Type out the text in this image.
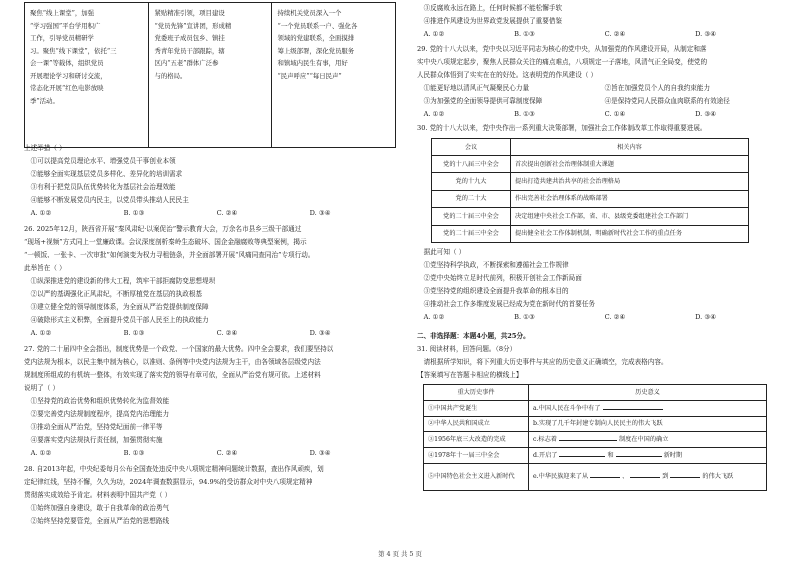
聚焦“线上课堂”，加强

“学习强国”平台学用积广

工作，引导党员精研学

习。聚焦“线下课堂”，依托“三

会一课”等载体，组织党员

开展理论学习和研讨交流，

常态化开展“红色电影放映

季”活动。

紧贴精准引领，项目建设

“党员先锋”宣讲团，形成精

党委班子成员包乡、镇挂

秀青年党员干部跟踪，辖

区内“五老”群体广泛参

与的格局。

持续机关党员深入一个

“一个党员联系一户、强化各

领域的党建联系，全面摸排

筹上级部署，深化党员服务

和镇域内民生有事，用好

“民声呼应”“每日民声”

上述举措（ ）

①可以提高党员理论水平、增强党员干事创业本领

②能够全面实现基层党员多样化、差异化的培训需求

③有利于把党员队伍优势转化为基层社会治理效能

④能够不断发展党员内民主，以党员带头推动人民民主

A. ①②	B. ①③	C. ②④	D. ③④

26. 2025年12月，陕西省开展“秦风肃纪·以案促治”警示教育大会，万余名市县乡三级干部通过

“现场+视频”方式同上一堂廉政课。会议深度剖析秦岭生态破坏、国企金融腐败等典型案例，揭示

“一顿饭、一张卡、一次审批”如何演变为权力寻租链条，并全面部署开展“风痛同查同治”专项行动。

此举旨在（ ）

①纵深推进党的建设新的伟大工程，筑牢干部拒腐防变思想堤坝

②以严的基调强化正风肃纪，不断厚植党在基层的执政根基

③建立健全党的领导制度体系，为全面从严治党提供制度保障

④破除形式主义积弊，全面提升党员干部人民至上的执政能力

A. ①②	B. ①③	C. ②④	D. ③④

27. 党的二十届四中全会指出，制度优势是一个政党、一个国家的最大优势。四中全会要求，我们要坚持以

党内法规为根本，以民主集中制为核心，以准则、条例等中央党内法规为主干，由各领域各层级党内法

规制度所组成的有机统一整体，有效实现了落实党的领导有章可依，全面从严治党有规可依。上述材料

说明了（ ）

①坚持党的政治优势和组织优势转化为监督效能

②要完善党内法规制度程序，提高党内治理能力

③推动全面从严治党，坚持党纪面前一律平等

④要落实党内法规执行责任制，加强贯彻实施

A. ①②	B. ①③	C. ②④	D. ③④

28. 自2013年起，中央纪委每月公布全国查处违反中央八项规定精神问题统计数据，查出作风顽疾，划

定纪律红线，坚持不懈，久久为功，2024年调查数据显示，94.9%的受访群众对中央八项规定精神

贯彻落实成效给予肯定。材料表明中国共产党（ ）

①始终加强自身建设，敢于自我革命的政治勇气

②始终坚持党要管党，全面从严治党的思想路线

③反腐败永远在路上，任何时候都不能松懈手软

④推进作风建设为世界政党发展提供了重要借鉴

A. ①②	B. ①③	C. ②④	D. ③④

29. 党的十八大以来，党中央以习近平同志为核心的党中央，从加强党的作风建设开局，从制定和落

实中央八项规定起步，聚焦人民群众关注的痛点难点，八项规定一子落地，风清气正全局变，使党的

人民群众体悟到了实实在在的好处。这表明党的作风建设（ ）

①能更好地以清风正气凝聚民心力量	②旨在加强党员个人的自我约束能力
③为加强党的全面领导提供可靠制度保障	④是保持党同人民群众血肉联系的有效途径
A. ①②	B. ①③	C. ①④	D. ③④

30. 党的十八大以来，党中央作出一系列重大决策部署，加强社会工作体制改革工作取得重要进展。

会议	相关内容
党的十八届三中全会	首次提出创新社会治理体制重大课题
党的十九大	提出打造共建共治共享的社会治理格局
党的二十大	作出完善社会治理体系的战略部署
党的二十届三中全会	决定组建中央社会工作部，省、市、县级党委组建社会工作部门
党的二十届三中全会	提出健全社会工作体制机制，明确新时代社会工作的重点任务

据此可知（ ）

①党坚持科学执政，不断探索和遵循社会工作规律

②党中央始终立足时代前列，积极开创社会工作新局面

③党坚持党的组织建设全面提升我革命的根本目的

④推动社会工作多维度发展已经成为党在新时代的首要任务

A. ①②	B. ①③	C. ②④	D. ③④

二、非选择题：本题4小题，共25分。

31. 阅读材料，回答问题。（8分）

请根据所学知识，将下列重大历史事件与其应的历史意义正确填空，完成表格内容。

【答案填写在答题卡相应的横线上】

重大历史事件	历史意义
①中国共产党诞生	a.中国人民在斗争中有了
②中华人民共和国成立	b.实现了几千年封建专制向人民民主的伟大飞跃
③1956年底三大改造的完成	c.标志着 制度在中国的确立
④1978年十一届三中全会	d.开启了 和 新时期
⑤中国特色社会主义进入新时代	e.中华民族迎来了从 、 到 的伟大飞跃
第 4 页 共 5 页
